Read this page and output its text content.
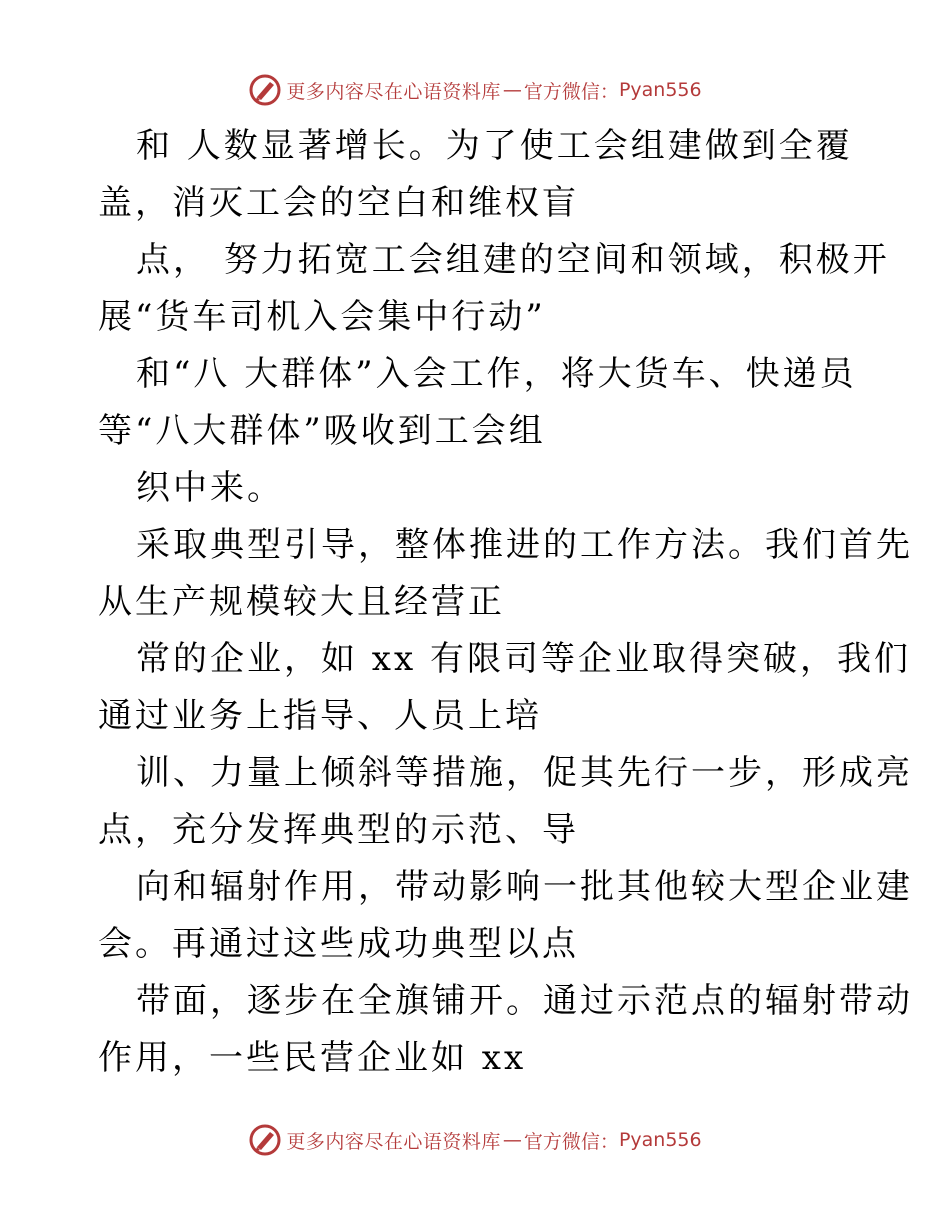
更多内容尽在心语资料库 — 官方微信： Pyan556
和 人数显著增长。为了使工会组建做到全覆
盖，消灭工会的空白和维权盲
点， 努力拓宽工会组建的空间和领域，积极开
展“货车司机入会集中行动”
和“八 大群体”入会工作，将大货车、快递员
等“八大群体”吸收到工会组
织中来。
采取典型引导，整体推进的工作方法。我们首先
从生产规模较大且经营正
常的企业，如 xx 有限司等企业取得突破，我们
通过业务上指导、人员上培
训、力量上倾斜等措施，促其先行一步，形成亮
点，充分发挥典型的示范、导
向和辐射作用，带动影响一批其他较大型企业建
会。再通过这些成功典型以点
带面，逐步在全旗铺开。通过示范点的辐射带动
作用，一些民营企业如 xx
更多内容尽在心语资料库 — 官方微信： Pyan556
